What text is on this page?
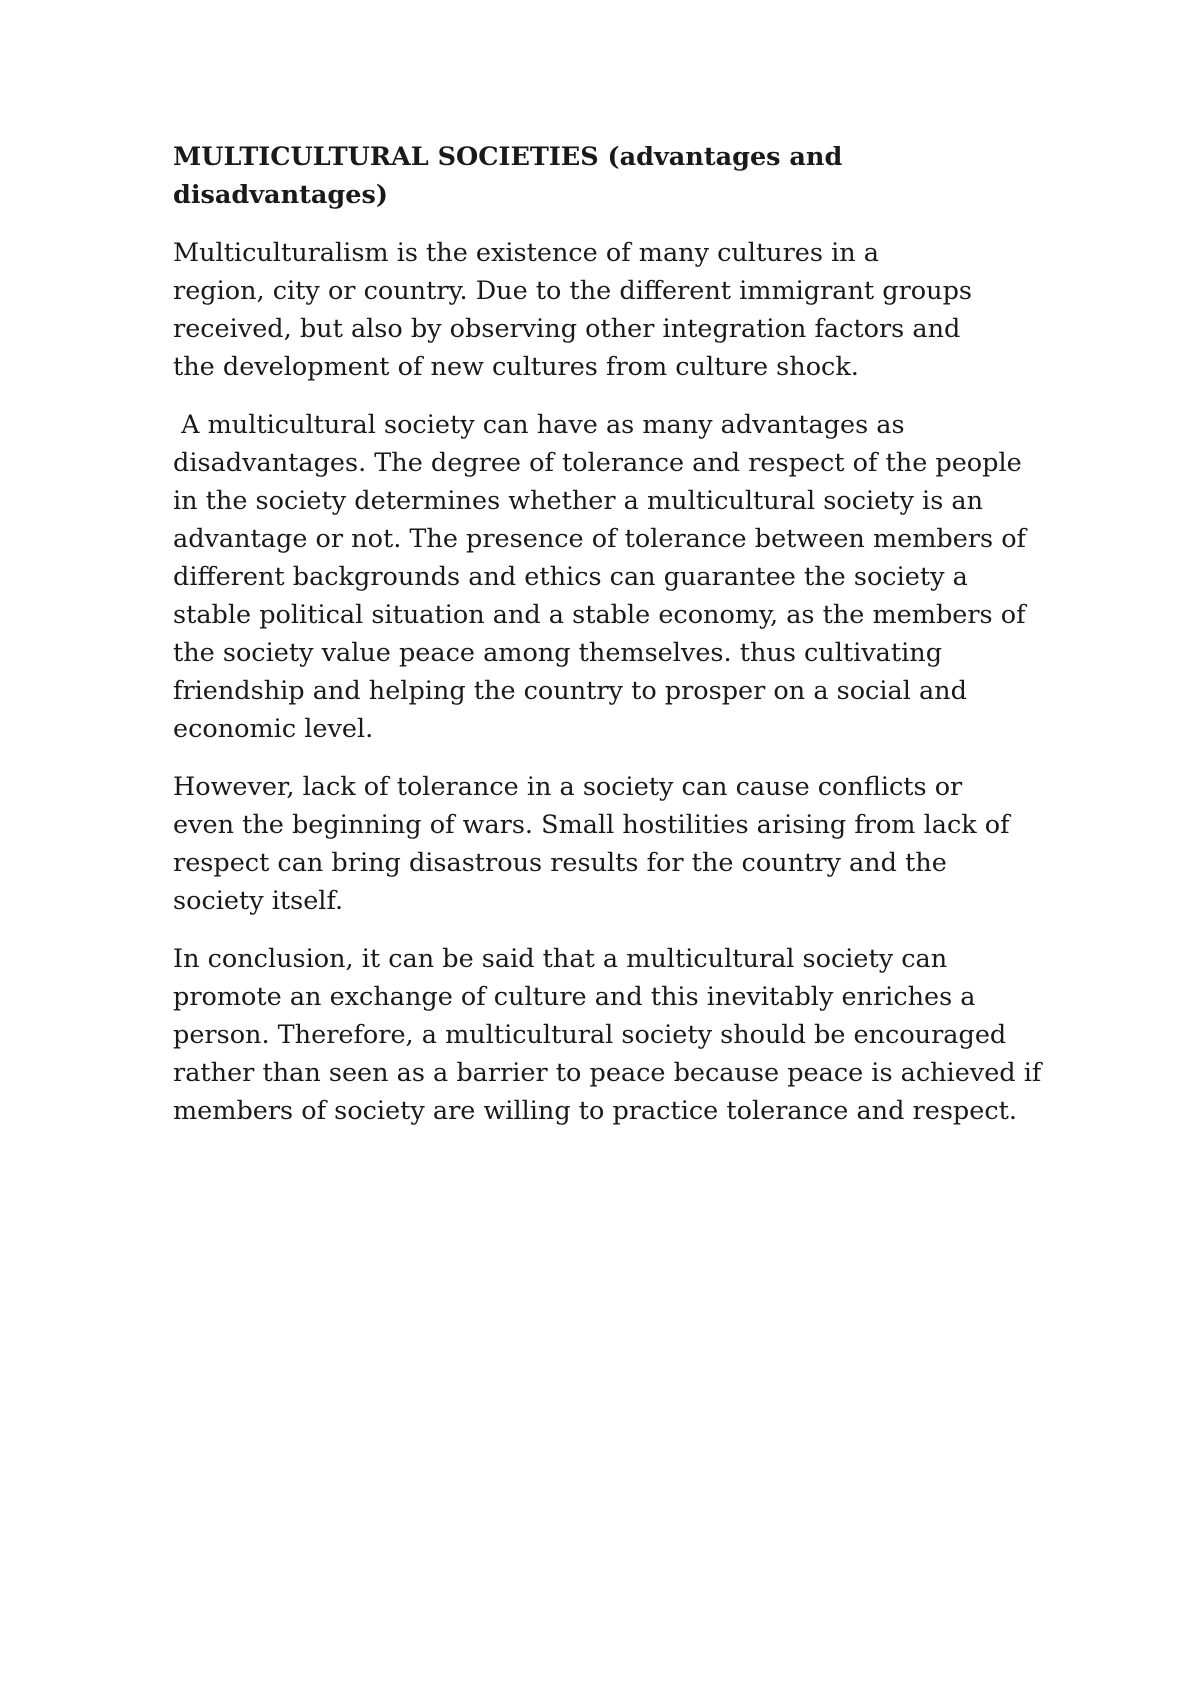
MULTICULTURAL SOCIETIES (advantages and disadvantages)

Multiculturalism is the existence of many cultures in a region, city or country. Due to the different immigrant groups received, but also by observing other integration factors and the development of new cultures from culture shock.

A multicultural society can have as many advantages as disadvantages. The degree of tolerance and respect of the people in the society determines whether a multicultural society is an advantage or not. The presence of tolerance between members of different backgrounds and ethics can guarantee the society a stable political situation and a stable economy, as the members of the society value peace among themselves. thus cultivating friendship and helping the country to prosper on a social and economic level.

However, lack of tolerance in a society can cause conflicts or even the beginning of wars. Small hostilities arising from lack of respect can bring disastrous results for the country and the society itself.

In conclusion, it can be said that a multicultural society can promote an exchange of culture and this inevitably enriches a person. Therefore, a multicultural society should be encouraged rather than seen as a barrier to peace because peace is achieved if members of society are willing to practice tolerance and respect.
